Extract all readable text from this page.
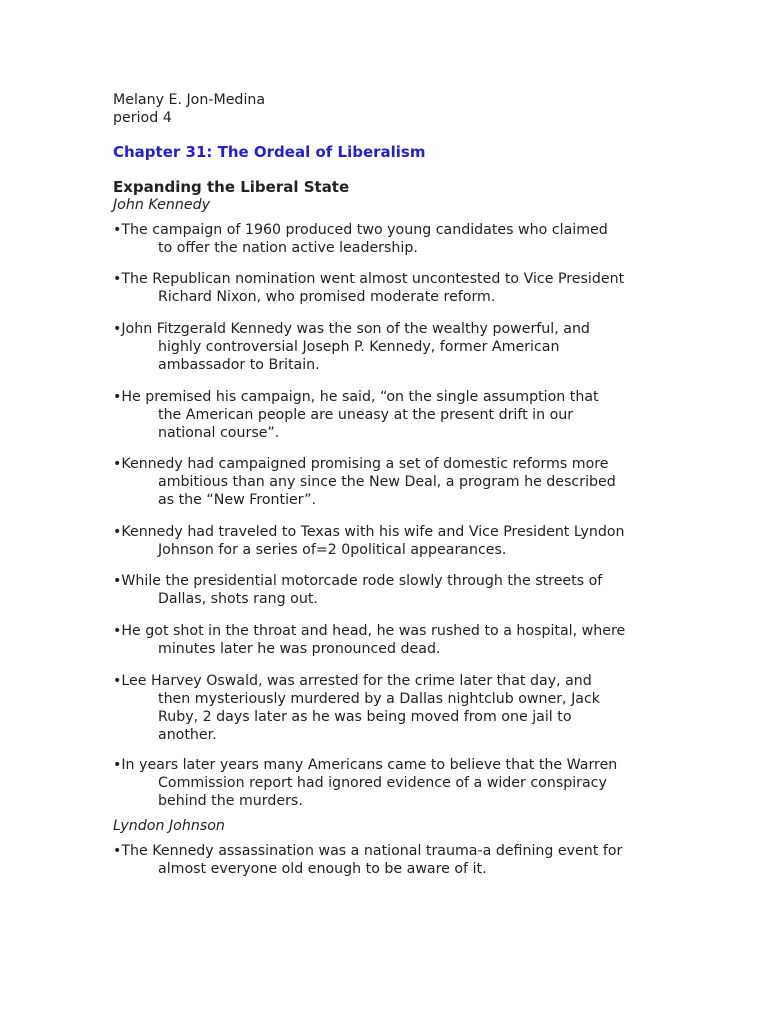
Melany E. Jon-Medina
period 4
Chapter 31: The Ordeal of Liberalism
Expanding the Liberal State
John Kennedy
•The campaign of 1960 produced two young candidates who claimed
to offer the nation active leadership.
•The Republican nomination went almost uncontested to Vice President
Richard Nixon, who promised moderate reform.
•John Fitzgerald Kennedy was the son of the wealthy powerful, and
highly controversial Joseph P. Kennedy, former American
ambassador to Britain.
•He premised his campaign, he said, “on the single assumption that
the American people are uneasy at the present drift in our
national course”.
•Kennedy had campaigned promising a set of domestic reforms more
ambitious than any since the New Deal, a program he described
as the “New Frontier”.
•Kennedy had traveled to Texas with his wife and Vice President Lyndon
Johnson for a series of=2 0political appearances.
•While the presidential motorcade rode slowly through the streets of
Dallas, shots rang out.
•He got shot in the throat and head, he was rushed to a hospital, where
minutes later he was pronounced dead.
•Lee Harvey Oswald, was arrested for the crime later that day, and
then mysteriously murdered by a Dallas nightclub owner, Jack
Ruby, 2 days later as he was being moved from one jail to
another.
•In years later years many Americans came to believe that the Warren
Commission report had ignored evidence of a wider conspiracy
behind the murders.
Lyndon Johnson
•The Kennedy assassination was a national trauma-a defining event for
almost everyone old enough to be aware of it.
